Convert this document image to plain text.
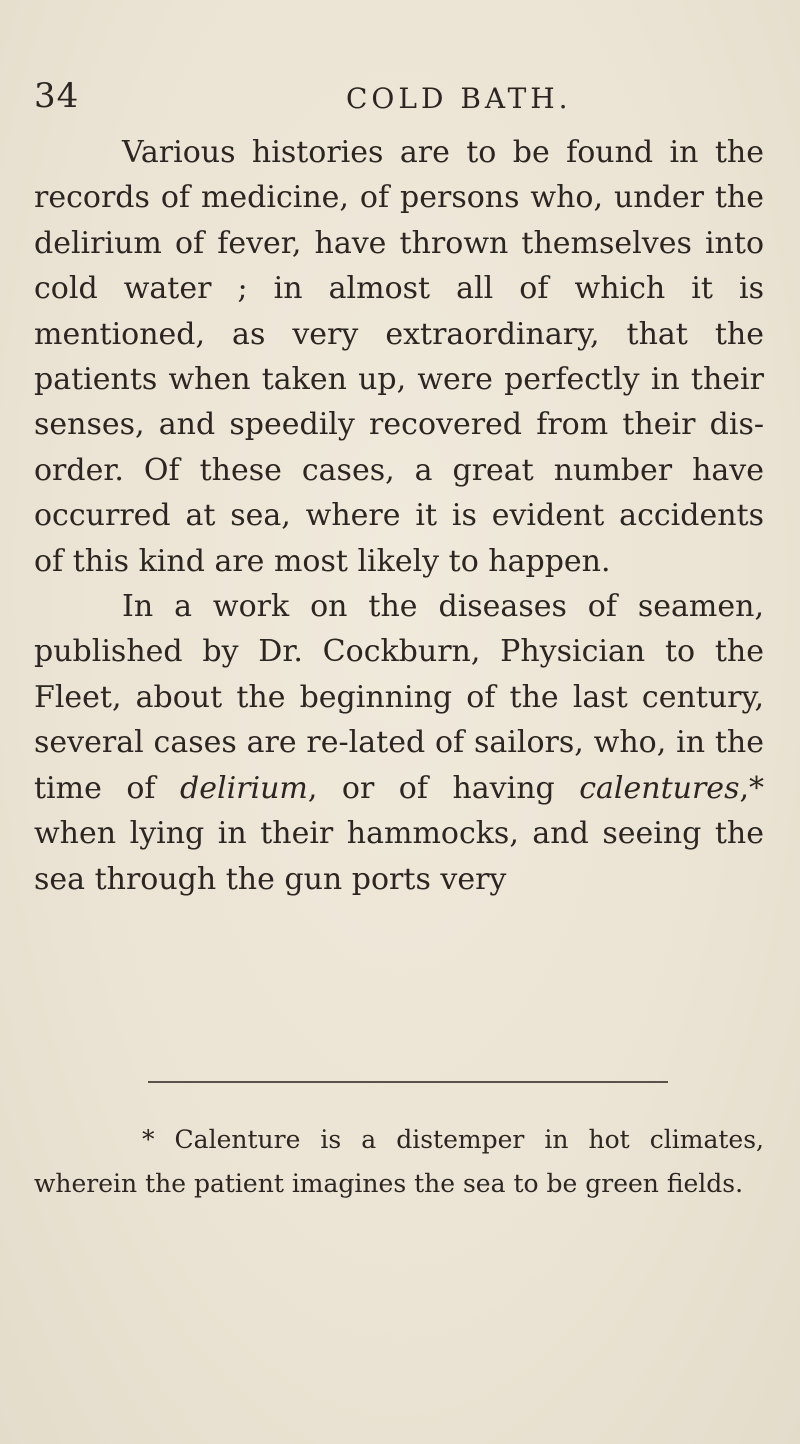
34	COLD BATH.

Various histories are to be found in the records of medicine, of persons who, under the delirium of fever, have thrown themselves into cold water ; in almost all of which it is mentioned, as very extraordinary, that the patients when taken up, were perfectly in their senses, and speedily recovered from their dis-order. Of these cases, a great number have occurred at sea, where it is evident accidents of this kind are most likely to happen.

In a work on the diseases of seamen, published by Dr. Cockburn, Physician to the Fleet, about the beginning of the last century, several cases are re-lated of sailors, who, in the time of delirium, or of having calentures,* when lying in their hammocks, and seeing the sea through the gun ports very

* Calenture is a distemper in hot climates, wherein the patient imagines the sea to be green fields.
